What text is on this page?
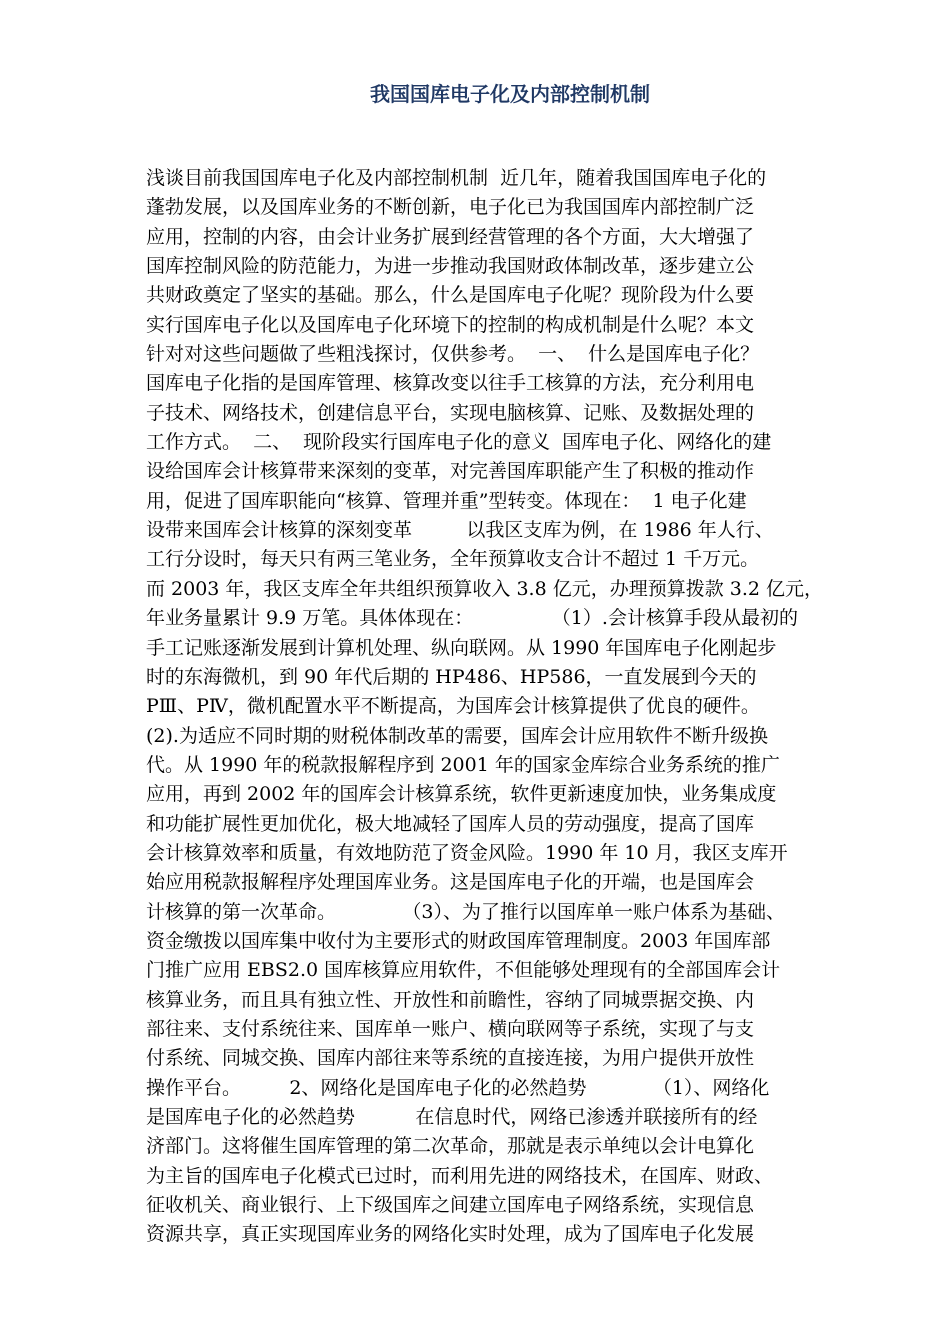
我国国库电子化及内部控制机制
浅谈目前我国国库电子化及内部控制机制  近几年，随着我国国库电子化的
蓬勃发展，以及国库业务的不断创新，电子化已为我国国库内部控制广泛
应用，控制的内容，由会计业务扩展到经营管理的各个方面，大大增强了
国库控制风险的防范能力，为进一步推动我国财政体制改革，逐步建立公
共财政奠定了坚实的基础。那么，什么是国库电子化呢？现阶段为什么要
实行国库电子化以及国库电子化环境下的控制的构成机制是什么呢？本文
针对对这些问题做了些粗浅探讨，仅供参考。  一、  什么是国库电子化？
国库电子化指的是国库管理、核算改变以往手工核算的方法，充分利用电
子技术、网络技术，创建信息平台，实现电脑核算、记账、及数据处理的
工作方式。  二、  现阶段实行国库电子化的意义  国库电子化、网络化的建
设给国库会计核算带来深刻的变革，对完善国库职能产生了积极的推动作
用，促进了国库职能向“核算、管理并重”型转变。体现在：  1 电子化建
设带来国库会计核算的深刻变革         以我区支库为例，在 1986 年人行、
工行分设时，每天只有两三笔业务，全年预算收支合计不超过 1 千万元。
而 2003 年，我区支库全年共组织预算收入 3.8 亿元，办理预算拨款 3.2 亿元，
年业务量累计 9.9 万笔。具体体现在：             （1）.会计核算手段从最初的
手工记账逐渐发展到计算机处理、纵向联网。从 1990 年国库电子化刚起步
时的东海微机，到 90 年代后期的 HP486、HP586，一直发展到今天的
PⅢ、PⅣ，微机配置水平不断提高，为国库会计核算提供了优良的硬件。
(2).为适应不同时期的财税体制改革的需要，国库会计应用软件不断升级换
代。从 1990 年的税款报解程序到 2001 年的国家金库综合业务系统的推广
应用，再到 2002 年的国库会计核算系统，软件更新速度加快，业务集成度
和功能扩展性更加优化，极大地减轻了国库人员的劳动强度，提高了国库
会计核算效率和质量，有效地防范了资金风险。1990 年 10 月，我区支库开
始应用税款报解程序处理国库业务。这是国库电子化的开端，也是国库会
计核算的第一次革命。           （3）、为了推行以国库单一账户体系为基础、
资金缴拨以国库集中收付为主要形式的财政国库管理制度。2003 年国库部
门推广应用 EBS2.0 国库核算应用软件，不但能够处理现有的全部国库会计
核算业务，而且具有独立性、开放性和前瞻性，容纳了同城票据交换、内
部往来、支付系统往来、国库单一账户、横向联网等子系统，实现了与支
付系统、同城交换、国库内部往来等系统的直接连接，为用户提供开放性
操作平台。        2、网络化是国库电子化的必然趋势           （1）、网络化
是国库电子化的必然趋势          在信息时代，网络已渗透并联接所有的经
济部门。这将催生国库管理的第二次革命，那就是表示单纯以会计电算化
为主旨的国库电子化模式已过时，而利用先进的网络技术，在国库、财政、
征收机关、商业银行、上下级国库之间建立国库电子网络系统，实现信息
资源共享，真正实现国库业务的网络化实时处理，成为了国库电子化发展
